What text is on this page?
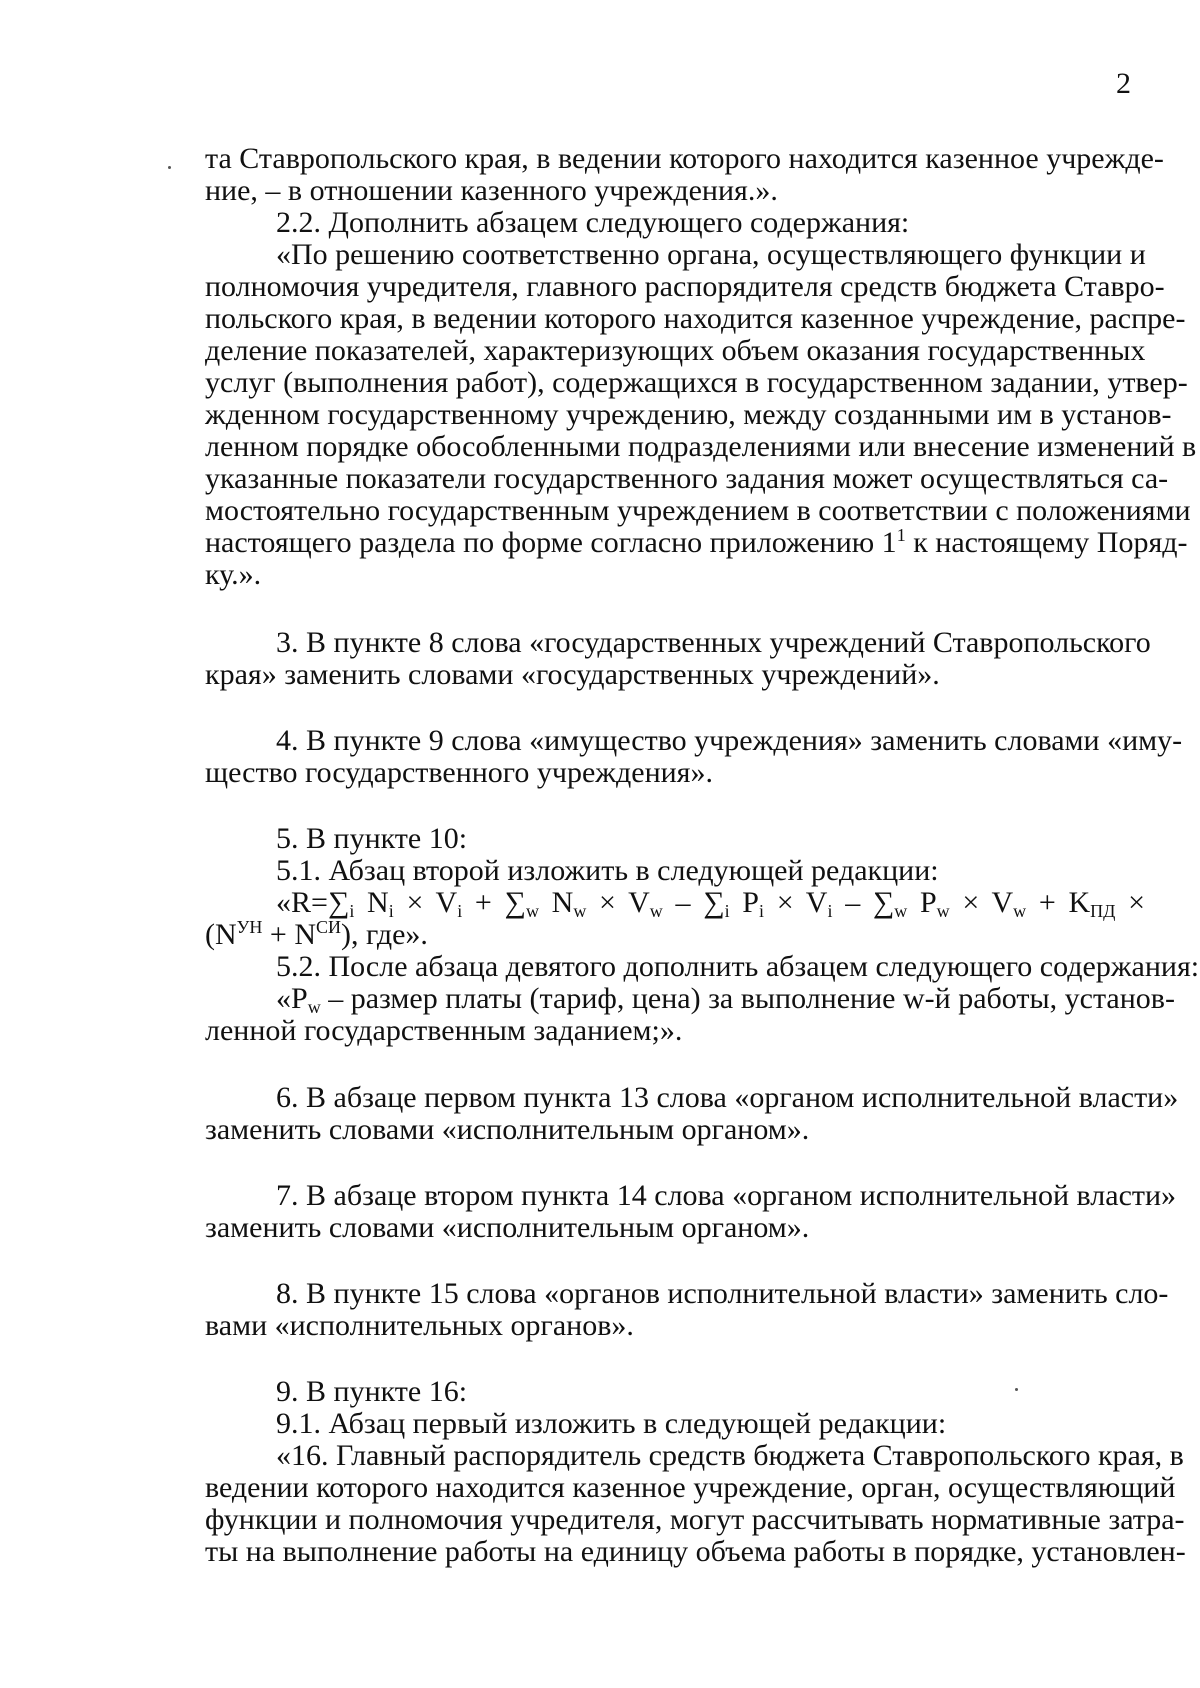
2
та Ставропольского края, в ведении которого находится казенное учрежде-
ние, – в отношении казенного учреждения.».
2.2. Дополнить абзацем следующего содержания:
«По решению соответственно органа, осуществляющего функции и
полномочия учредителя, главного распорядителя средств бюджета Ставро-
польского края, в ведении которого находится казенное учреждение, распре-
деление показателей, характеризующих объем оказания государственных
услуг (выполнения работ), содержащихся в государственном задании, утвер-
жденном государственному учреждению, между созданными им в установ-
ленном порядке обособленными подразделениями или внесение изменений в
указанные показатели государственного задания может осуществляться са-
мостоятельно государственным учреждением в соответствии с положениями
настоящего раздела по форме согласно приложению $1^1$ к настоящему Поряд-
ку.».
3. В пункте 8 слова «государственных учреждений Ставропольского
края» заменить словами «государственных учреждений».
4. В пункте 9 слова «имущество учреждения» заменить словами «иму-
щество государственного учреждения».
5. В пункте 10:
5.1. Абзац второй изложить в следующей редакции:
«$R=\sum_i$ $N_i \times V_i + \sum_w$ $N_w \times V_w - \sum_i$ $P_i \times V_i - \sum_w$ $P_w \times V_w + K_{ПД}$ ×
$(N^{УН} + N^{СИ})$, где».
5.2. После абзаца девятого дополнить абзацем следующего содержания:
«$P_w$ – размер платы (тариф, цена) за выполнение w-й работы, установ-
ленной государственным заданием;».
6. В абзаце первом пункта 13 слова «органом исполнительной власти»
заменить словами «исполнительным органом».
7. В абзаце втором пункта 14 слова «органом исполнительной власти»
заменить словами «исполнительным органом».
8. В пункте 15 слова «органов исполнительной власти» заменить сло-
вами «исполнительных органов».
9. В пункте 16:
9.1. Абзац первый изложить в следующей редакции:
«16. Главный распорядитель средств бюджета Ставропольского края, в
ведении которого находится казенное учреждение, орган, осуществляющий
функции и полномочия учредителя, могут рассчитывать нормативные затра-
ты на выполнение работы на единицу объема работы в порядке, установлен-
